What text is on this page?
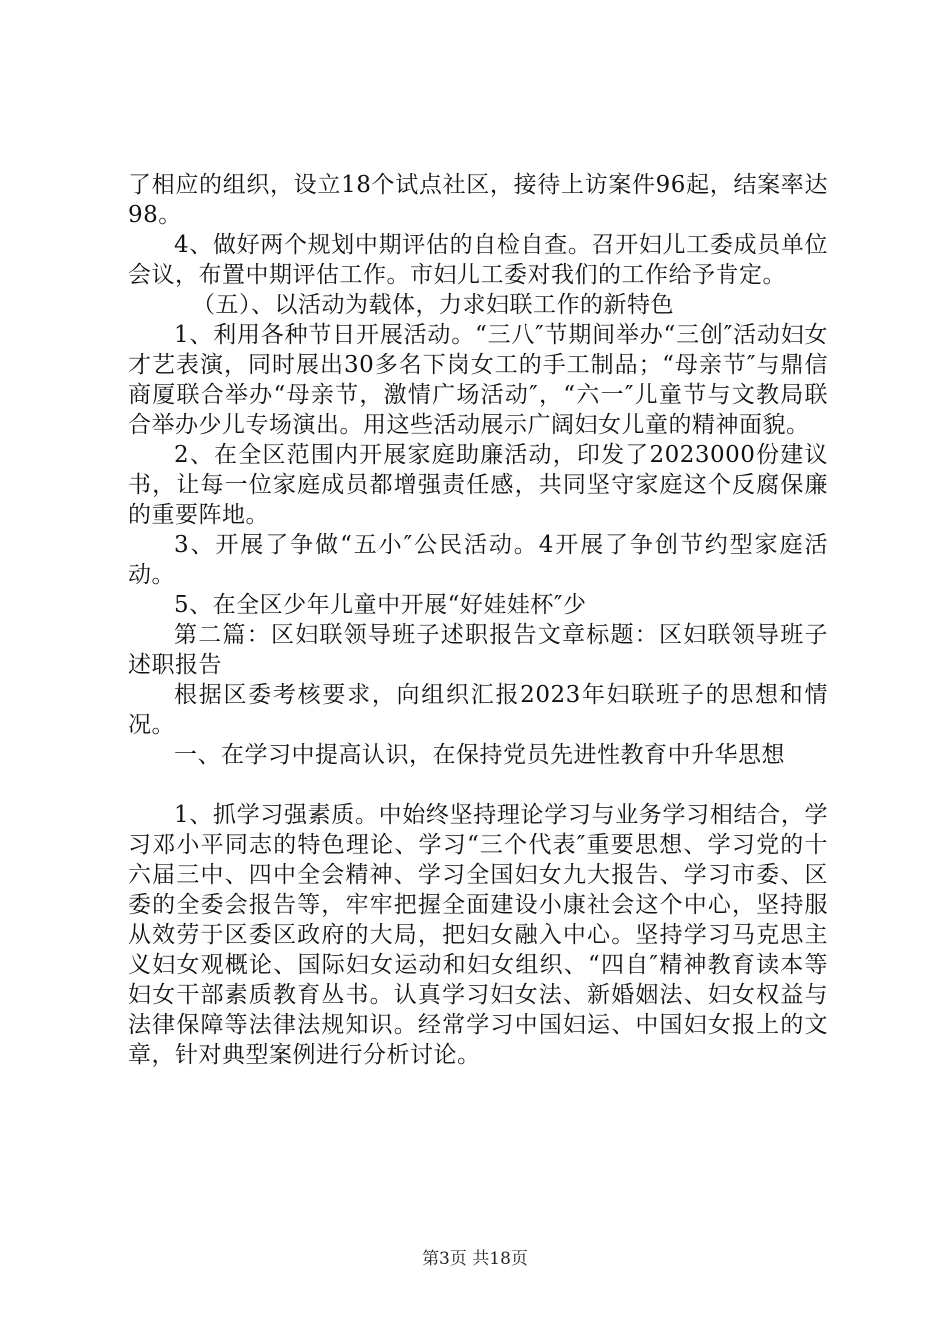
了相应的组织，设立18个试点社区，接待上访案件96起，结案率达98。

4、做好两个规划中期评估的自检自查。召开妇儿工委成员单位会议，布置中期评估工作。市妇儿工委对我们的工作给予肯定。

（五）、以活动为载体，力求妇联工作的新特色

1、利用各种节日开展活动。“三八″节期间举办“三创″活动妇女才艺表演，同时展出30多名下岗女工的手工制品；“母亲节″与鼎信商厦联合举办“母亲节，激情广场活动″，“六一″儿童节与文教局联合举办少儿专场演出。用这些活动展示广阔妇女儿童的精神面貌。

2、在全区范围内开展家庭助廉活动，印发了2023000份建议书，让每一位家庭成员都增强责任感，共同坚守家庭这个反腐保廉的重要阵地。

3、开展了争做“五小″公民活动。4开展了争创节约型家庭活动。

5、在全区少年儿童中开展“好娃娃杯″少

第二篇：区妇联领导班子述职报告文章标题：区妇联领导班子述职报告

根据区委考核要求，向组织汇报2023年妇联班子的思想和情况。

一、在学习中提高认识，在保持党员先进性教育中升华思想

1、抓学习强素质。中始终坚持理论学习与业务学习相结合，学习邓小平同志的特色理论、学习“三个代表″重要思想、学习党的十六届三中、四中全会精神、学习全国妇女九大报告、学习市委、区委的全委会报告等，牢牢把握全面建设小康社会这个中心，坚持服从效劳于区委区政府的大局，把妇女融入中心。坚持学习马克思主义妇女观概论、国际妇女运动和妇女组织、“四自″精神教育读本等妇女干部素质教育丛书。认真学习妇女法、新婚姻法、妇女权益与法律保障等法律法规知识。经常学习中国妇运、中国妇女报上的文章，针对典型案例进行分析讨论。

第3页 共18页
